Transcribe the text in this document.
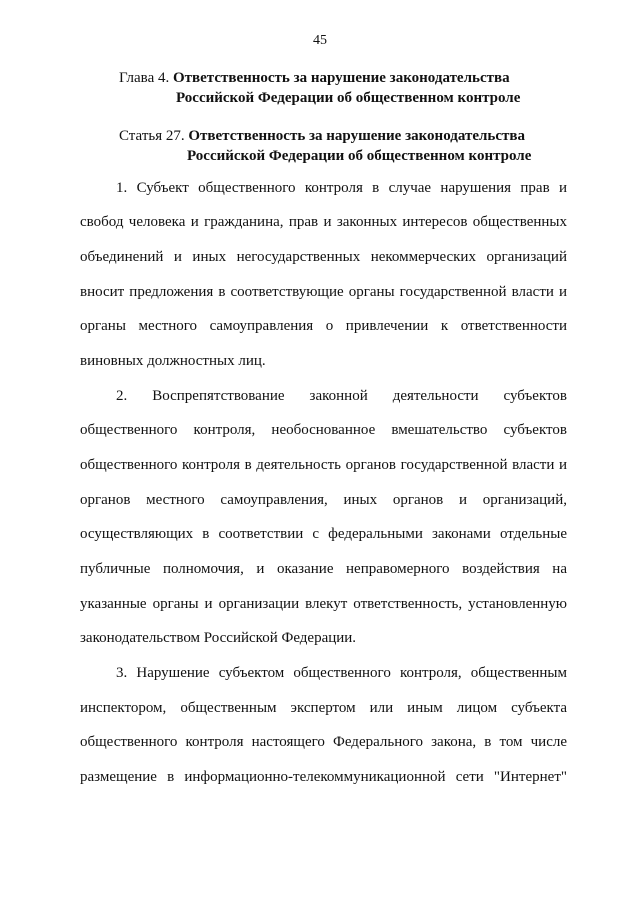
45
Глава 4. Ответственность за нарушение законодательства
Российской Федерации об общественном контроле
Статья 27. Ответственность за нарушение законодательства
Российской Федерации об общественном контроле
1. Субъект общественного контроля в случае нарушения прав и
свобод человека и гражданина, прав и законных интересов общественных
объединений и иных негосударственных некоммерческих организаций
вносит предложения в соответствующие органы государственной власти и
органы местного самоуправления о привлечении к ответственности
виновных должностных лиц.
2. Воспрепятствование законной деятельности субъектов
общественного контроля, необоснованное вмешательство субъектов
общественного контроля в деятельность органов государственной власти и
органов местного самоуправления, иных органов и организаций,
осуществляющих в соответствии с федеральными законами отдельные
публичные полномочия, и оказание неправомерного воздействия на
указанные органы и организации влекут ответственность, установленную
законодательством Российской Федерации.
3. Нарушение субъектом общественного контроля, общественным
инспектором, общественным экспертом или иным лицом субъекта
общественного контроля настоящего Федерального закона, в том числе
размещение в информационно-телекоммуникационной сети "Интернет"
